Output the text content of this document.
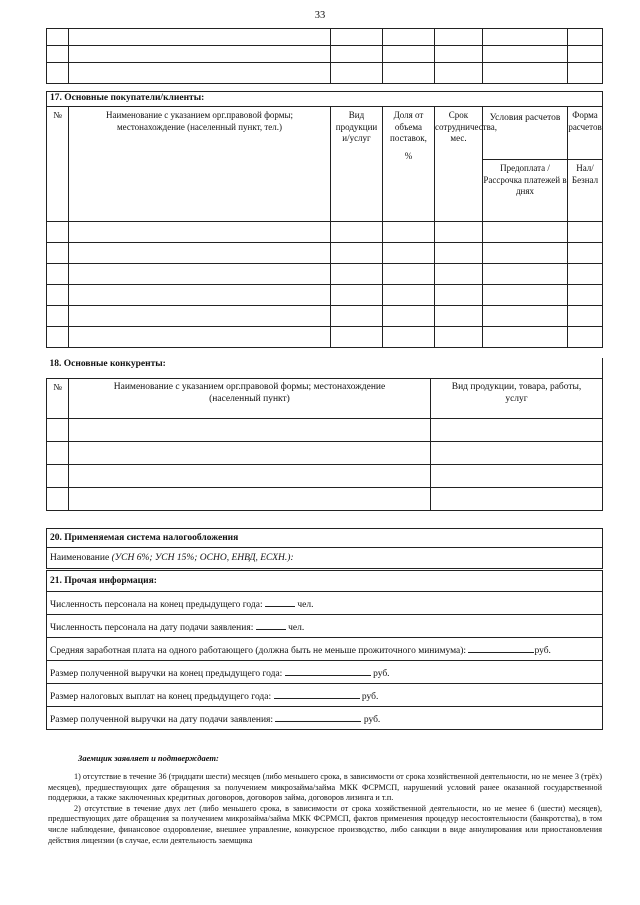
33

17. Основные покупатели/клиенты:						
№	Наименование с указанием орг.правовой формы; местонахождение (населенный пункт, тел.)	Вид продукции и/услуг	Доля от объема поставок,
%	Срок сотрудничества, мес.	Условия расчетов	Форма расчетов
					Предоплата / Рассрочка платежей в днях	Нал/Безнал

18. Основные конкуренты:		
№	Наименование с указанием орг.правовой формы; местонахождение (населенный пункт)	Вид продукции, товара, работы, услуг

20. Применяемая система налогообложения
Наименование (УСН 6%; УСН 15%; ОСНО, ЕНВД, ЕСХН.):
21. Прочая информация:
Численность персонала на конец предыдущего года:	чел.
Численность персонала на дату подачи заявления:	чел.
Средняя заработная плата на одного работающего (должна быть не меньше прожиточного минимума):	руб.
Размер полученной выручки на конец предыдущего года:	руб.
Размер налоговых выплат на конец предыдущего года:	руб.
Размер полученной выручки на дату подачи заявления:	руб.
Заемщик заявляет и подтверждает:

1) отсутствие в течение 36 (тридцати шести) месяцев (либо меньшего срока, в зависимости от срока хозяйственной деятельности, но не менее 3 (трёх) месяцев), предшествующих дате обращения за получением микрозайма/займа МКК ФСРМСП, нарушений условий ранее оказанной государственной поддержки, а также заключенных кредитных договоров, договоров займа, договоров лизинга и т.п.

2) отсутствие в течение двух лет (либо меньшего срока, в зависимости от срока хозяйственной деятельности, но не менее 6 (шести) месяцев), предшествующих дате обращения за получением микрозайма/займа МКК ФСРМСП, фактов применения процедур несостоятельности (банкротства), в том числе наблюдение, финансовое оздоровление, внешнее управление, конкурсное производство, либо санкции в виде аннулирования или приостановления действия лицензии (в случае, если деятельность заемщика
